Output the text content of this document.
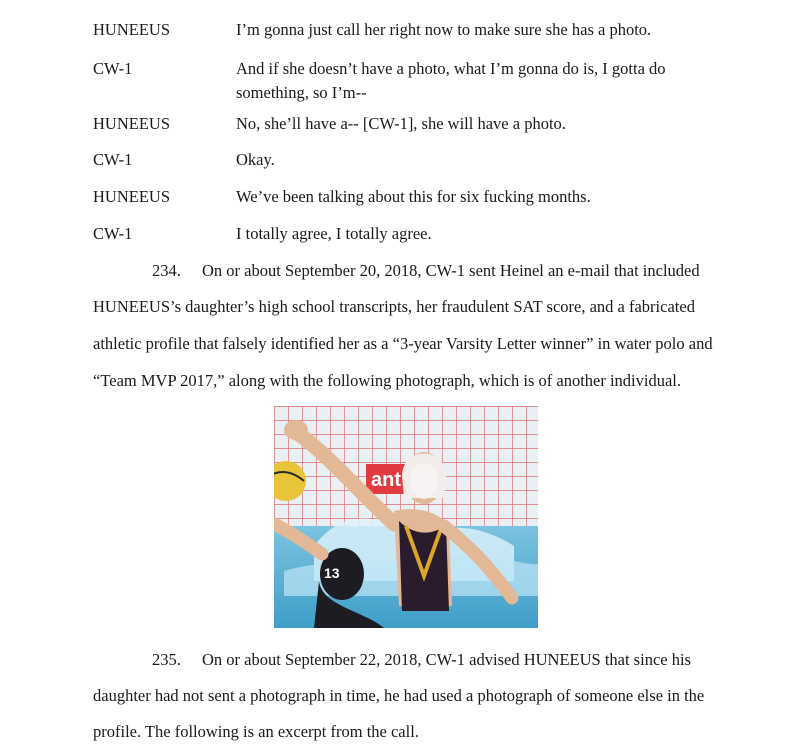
HUNEEUS	I’m gonna just call her right now to make sure she has a photo.
CW-1	And if she doesn’t have a photo, what I’m gonna do is, I gotta do something, so I’m--
HUNEEUS	No, she’ll have a-- [CW-1], she will have a photo.
CW-1	Okay.
HUNEEUS	We’ve been talking about this for six fucking months.
CW-1	I totally agree, I totally agree.
234. On or about September 20, 2018, CW-1 sent Heinel an e-mail that included
HUNEEUS’s daughter’s high school transcripts, her fraudulent SAT score, and a fabricated
athletic profile that falsely identified her as a “3-year Varsity Letter winner” in water polo and
“Team MVP 2017,” along with the following photograph, which is of another individual.
ant
13
235. On or about September 22, 2018, CW-1 advised HUNEEUS that since his
daughter had not sent a photograph in time, he had used a photograph of someone else in the
profile. The following is an excerpt from the call.
